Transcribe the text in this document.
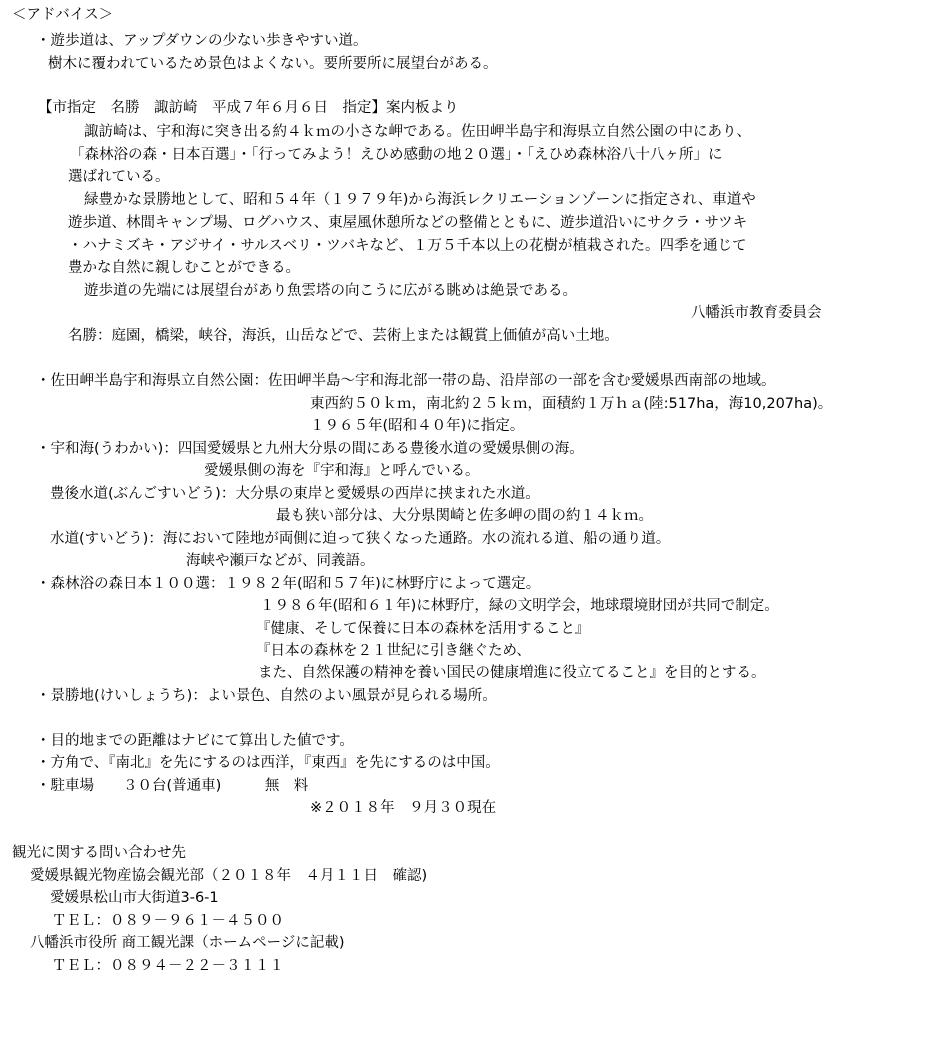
＜アドバイス＞
・遊歩道は、アップダウンの少ない歩きやすい道。
樹木に覆われているため景色はよくない。要所要所に展望台がある。
【市指定　名勝　諏訪崎　平成７年６月６日　指定】案内板より
諏訪崎は、宇和海に突き出る約４ｋｍの小さな岬である。佐田岬半島宇和海県立自然公園の中にあり、
「森林浴の森・日本百選」・「行ってみよう！えひめ感動の地２０選」・「えひめ森林浴八十八ヶ所」に
選ばれている。
緑豊かな景勝地として、昭和５４年（１９７９年)から海浜レクリエーションゾーンに指定され、車道や
遊歩道、林間キャンプ場、ログハウス、東屋風休憩所などの整備とともに、遊歩道沿いにサクラ・サツキ
・ハナミズキ・アジサイ・サルスベリ・ツバキなど、１万５千本以上の花樹が植栽された。四季を通じて
豊かな自然に親しむことができる。
遊歩道の先端には展望台があり魚雲塔の向こうに広がる眺めは絶景である。
八幡浜市教育委員会
名勝：庭園，橋梁，峡谷，海浜，山岳などで、芸術上または観賞上価値が高い土地。
・佐田岬半島宇和海県立自然公園：佐田岬半島～宇和海北部一帯の島、沿岸部の一部を含む愛媛県西南部の地域。
東西約５０ｋｍ，南北約２５ｋｍ，面積約１万ｈａ(陸:517ha，海10,207ha)。
１９６５年(昭和４０年)に指定。
・宇和海(うわかい)：四国愛媛県と九州大分県の間にある豊後水道の愛媛県側の海。
愛媛県側の海を『宇和海』と呼んでいる。
豊後水道(ぶんごすいどう)：大分県の東岸と愛媛県の西岸に挟まれた水道。
最も狭い部分は、大分県関崎と佐多岬の間の約１４ｋｍ。
水道(すいどう)：海において陸地が両側に迫って狭くなった通路。水の流れる道、船の通り道。
海峡や瀬戸などが、同義語。
・森林浴の森日本１００選：１９８２年(昭和５７年)に林野庁によって選定。
１９８６年(昭和６１年)に林野庁，緑の文明学会，地球環境財団が共同で制定。
『健康、そして保養に日本の森林を活用すること』
『日本の森林を２１世紀に引き継ぐため、
また、自然保護の精神を養い国民の健康増進に役立てること』を目的とする。
・景勝地(けいしょうち)：よい景色、自然のよい風景が見られる場所。
・目的地までの距離はナビにて算出した値です。
・方角で、『南北』を先にするのは西洋，『東西』を先にするのは中国。
・駐車場　　３０台(普通車)　　　無　料
※２０１８年　９月３０現在
観光に関する問い合わせ先
愛媛県観光物産協会観光部（２０１８年　４月１１日　確認)
愛媛県松山市大街道3-6-1
ＴＥＬ：０８９－９６１－４５００
八幡浜市役所 商工観光課（ホームページに記載)
ＴＥＬ：０８９４－２２－３１１１
